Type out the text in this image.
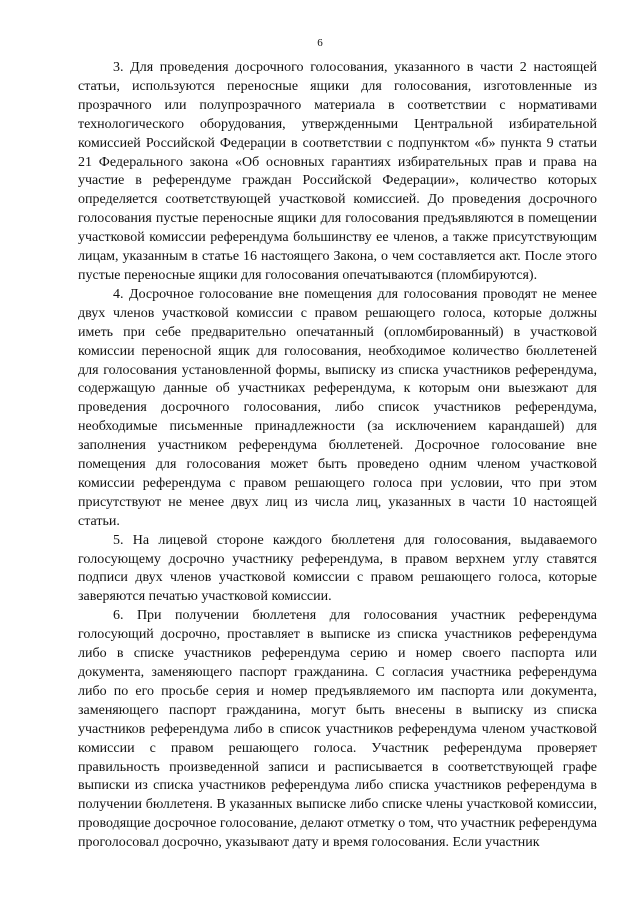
6

3. Для проведения досрочного голосования, указанного в части 2 настоящей статьи, используются переносные ящики для голосования, изготовленные из прозрачного или полупрозрачного материала в соответствии с нормативами технологического оборудования, утвержденными Центральной избирательной комиссией Российской Федерации в соответствии с подпунктом «б» пункта 9 статьи 21 Федерального закона «Об основных гарантиях избирательных прав и права на участие в референдуме граждан Российской Федерации», количество которых определяется соответствующей участковой комиссией. До проведения досрочного голосования пустые переносные ящики для голосования предъявляются в помещении участковой комиссии референдума большинству ее членов, а также присутствующим лицам, указанным в статье 16 настоящего Закона, о чем составляется акт. После этого пустые переносные ящики для голосования опечатываются (пломбируются).

4. Досрочное голосование вне помещения для голосования проводят не менее двух членов участковой комиссии с правом решающего голоса, которые должны иметь при себе предварительно опечатанный (опломбированный) в участковой комиссии переносной ящик для голосования, необходимое количество бюллетеней для голосования установленной формы, выписку из списка участников референдума, содержащую данные об участниках референдума, к которым они выезжают для проведения досрочного голосования, либо список участников референдума, необходимые письменные принадлежности (за исключением карандашей) для заполнения участником референдума бюллетеней. Досрочное голосование вне помещения для голосования может быть проведено одним членом участковой комиссии референдума с правом решающего голоса при условии, что при этом присутствуют не менее двух лиц из числа лиц, указанных в части 10 настоящей статьи.

5. На лицевой стороне каждого бюллетеня для голосования, выдаваемого голосующему досрочно участнику референдума, в правом верхнем углу ставятся подписи двух членов участковой комиссии с правом решающего голоса, которые заверяются печатью участковой комиссии.

6. При получении бюллетеня для голосования участник референдума голосующий досрочно, проставляет в выписке из списка участников референдума либо в списке участников референдума серию и номер своего паспорта или документа, заменяющего паспорт гражданина. С согласия участника референдума либо по его просьбе серия и номер предъявляемого им паспорта или документа, заменяющего паспорт гражданина, могут быть внесены в выписку из списка участников референдума либо в список участников референдума членом участковой комиссии с правом решающего голоса. Участник референдума проверяет правильность произведенной записи и расписывается в соответствующей графе выписки из списка участников референдума либо списка участников референдума в получении бюллетеня. В указанных выписке либо списке члены участковой комиссии, проводящие досрочное голосование, делают отметку о том, что участник референдума проголосовал досрочно, указывают дату и время голосования. Если участник
